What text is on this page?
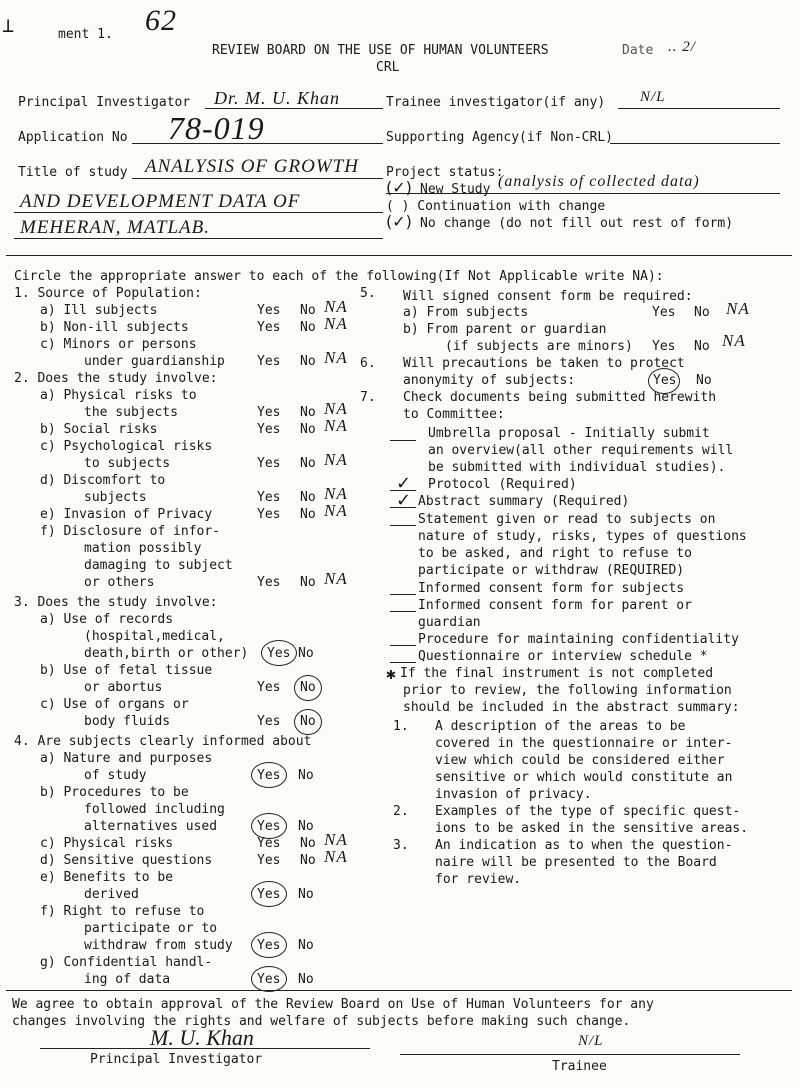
⊥	ment 1. 62
REVIEW BOARD ON THE USE OF HUMAN VOLUNTEERS
CRL
Date .. 2/
Principal Investigator Dr. M. U. Khan	Trainee investigator(if any) N/L
Application No 78-019	Supporting Agency(if Non-CRL)
Title of study ANALYSIS OF GROWTH
AND DEVELOPMENT DATA OF
MEHERAN, MATLAB.
Project status:
(✓) New Study (analysis of collected data)
( ) Continuation with change
(✓) No change (do not fill out rest of form)
Circle the appropriate answer to each of the following(If Not Applicable write NA):
1. Source of Population:
a) Ill subjects	Yes No NA
b) Non-ill subjects	Yes No NA
c) Minors or persons
under guardianship Yes No NA
2. Does the study involve:
a) Physical risks to
the subjects	Yes No NA
b) Social risks	Yes No NA
c) Psychological risks
to subjects	Yes No NA
d) Discomfort to
subjects	Yes No NA
e) Invasion of Privacy	Yes No NA
f) Disclosure of infor-
mation possibly
damaging to subject
or others	Yes No NA
3. Does the study involve:
a) Use of records
(hospital,medical,
death,birth or other) Yes No
b) Use of fetal tissue
or abortus	Yes No
c) Use of organs or
body fluids	Yes No
4. Are subjects clearly informed about
a) Nature and purposes
of study	Yes No
b) Procedures to be
followed including
alternatives used	Yes No
c) Physical risks	Yes No NA
d) Sensitive questions	Yes No NA
e) Benefits to be
derived	Yes No
f) Right to refuse to
participate or to
withdraw from study Yes No
g) Confidential handl-
ing of data	Yes No
5. Will signed consent form be required:
a) From subjects	Yes No NA
b) From parent or guardian
(if subjects are minors) Yes No NA
6. Will precautions be taken to protect
anonymity of subjects:	Yes No
7. Check documents being submitted herewith
to Committee:
Umbrella proposal - Initially submit
an overview(all other requirements will
be submitted with individual studies).
✓ Protocol (Required)
✓ Abstract summary (Required)
Statement given or read to subjects on
nature of study, risks, types of questions
to be asked, and right to refuse to
participate or withdraw (REQUIRED)
Informed consent form for subjects
Informed consent form for parent or
guardian
Procedure for maintaining confidentiality
Questionnaire or interview schedule *
✱ If the final instrument is not completed
prior to review, the following information
should be included in the abstract summary:
1. A description of the areas to be
covered in the questionnaire or inter-
view which could be considered either
sensitive or which would constitute an
invasion of privacy.
2. Examples of the type of specific quest-
ions to be asked in the sensitive areas.
3. An indication as to when the question-
naire will be presented to the Board
for review.
We agree to obtain approval of the Review Board on Use of Human Volunteers for any
changes involving the rights and welfare of subjects before making such change.
M. U. Khan
Principal Investigator
N/L
Trainee
